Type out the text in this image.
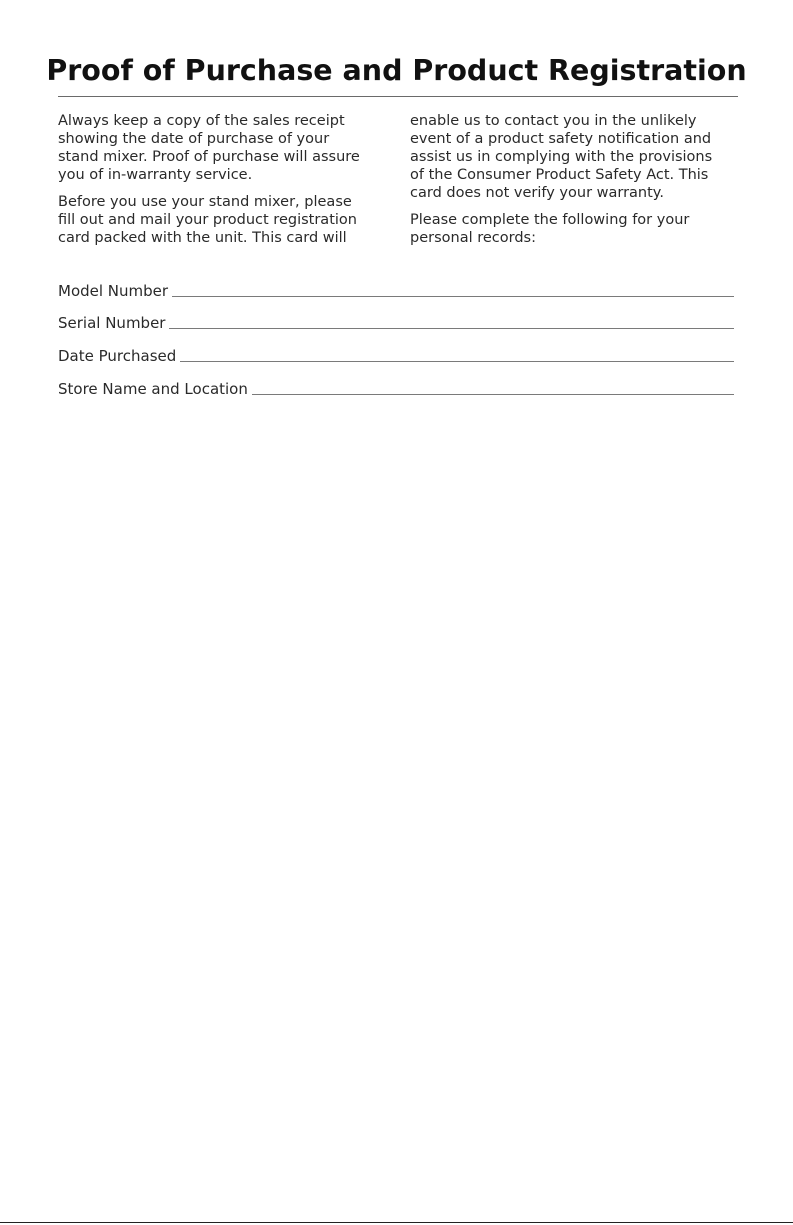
Proof of Purchase and Product Registration

Always keep a copy of the sales receipt
showing the date of purchase of your
stand mixer. Proof of purchase will assure
you of in-warranty service.

Before you use your stand mixer, please
fill out and mail your product registration
card packed with the unit. This card will

enable us to contact you in the unlikely
event of a product safety notification and
assist us in complying with the provisions
of the Consumer Product Safety Act. This
card does not verify your warranty.

Please complete the following for your
personal records:

Model Number
Serial Number
Date Purchased
Store Name and Location
